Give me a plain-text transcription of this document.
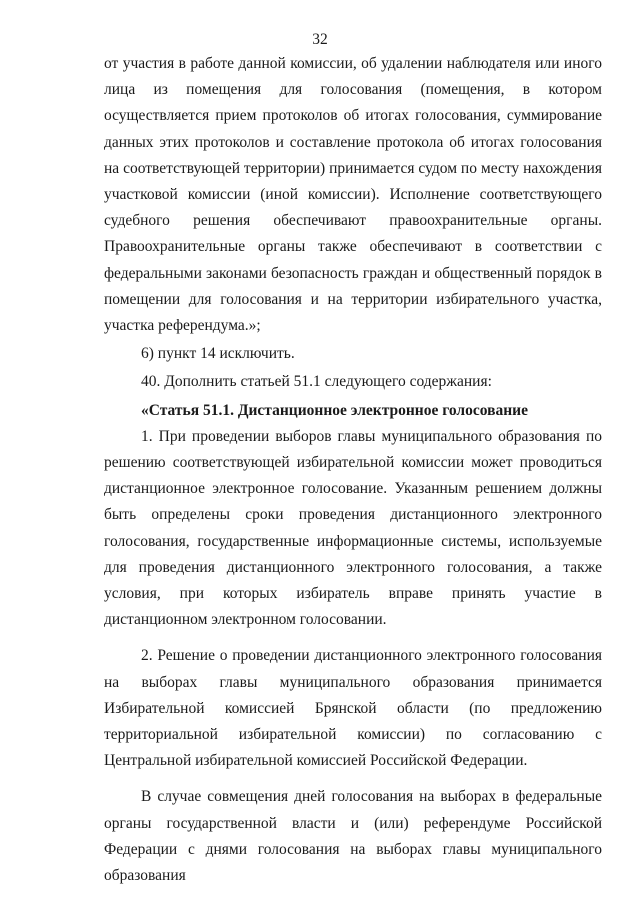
32

от участия в работе данной комиссии, об удалении наблюдателя или иного лица из помещения для голосования (помещения, в котором осуществляется прием протоколов об итогах голосования, суммирование данных этих протоколов и составление протокола об итогах голосования на соответствующей территории) принимается судом по месту нахождения участковой комиссии (иной комиссии). Исполнение соответствующего судебного решения обеспечивают правоохранительные органы. Правоохранительные органы также обеспечивают в соответствии с федеральными законами безопасность граждан и общественный порядок в помещении для голосования и на территории избирательного участка, участка референдума.»;

6) пункт 14 исключить.

40. Дополнить статьей 51.1 следующего содержания:

«Статья 51.1. Дистанционное электронное голосование

1. При проведении выборов главы муниципального образования по решению соответствующей избирательной комиссии может проводиться дистанционное электронное голосование. Указанным решением должны быть определены сроки проведения дистанционного электронного голосования, государственные информационные системы, используемые для проведения дистанционного электронного голосования, а также условия, при которых избиратель вправе принять участие в дистанционном электронном голосовании.

2. Решение о проведении дистанционного электронного голосования на выборах главы муниципального образования принимается Избирательной комиссией Брянской области (по предложению территориальной избирательной комиссии) по согласованию с Центральной избирательной комиссией Российской Федерации.

В случае совмещения дней голосования на выборах в федеральные органы государственной власти и (или) референдуме Российской Федерации с днями голосования на выборах главы муниципального образования
